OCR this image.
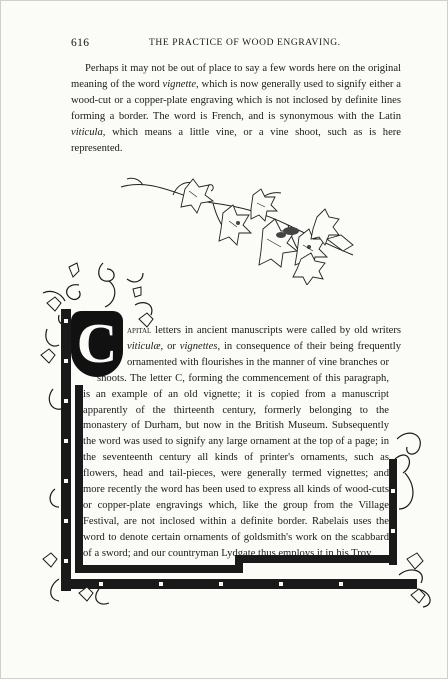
616	THE PRACTICE OF WOOD ENGRAVING.

Perhaps it may not be out of place to say a few words here on the original meaning of the word vignette, which is now generally used to signify either a wood-cut or a copper-plate engraving which is not inclosed by definite lines forming a border. The word is French, and is synonymous with the Latin viticula, which means a little vine, or a vine shoot, such as is here represented.

C apital letters in ancient manuscripts were called by old writers viticulæ, or vignettes, in consequence of their being frequently ornamented with flourishes in the manner of vine branches or shoots. The letter C, forming the commencement of this paragraph, is an example of an old vignette; it is copied from a manuscript apparently of the thirteenth century, formerly belonging to the monastery of Durham, but now in the British Museum. Subsequently the word was used to signify any large ornament at the top of a page; in the seventeenth century all kinds of printer's ornaments, such as flowers, head and tail-pieces, were generally termed vignettes; and more recently the word has been used to express all kinds of wood-cuts or copper-plate engravings which, like the group from the Village Festival, are not inclosed within a definite border. Rabelais uses the word to denote certain ornaments of goldsmith's work on the scabbard of a sword; and our countryman Lydgate thus employs it in his Troy
